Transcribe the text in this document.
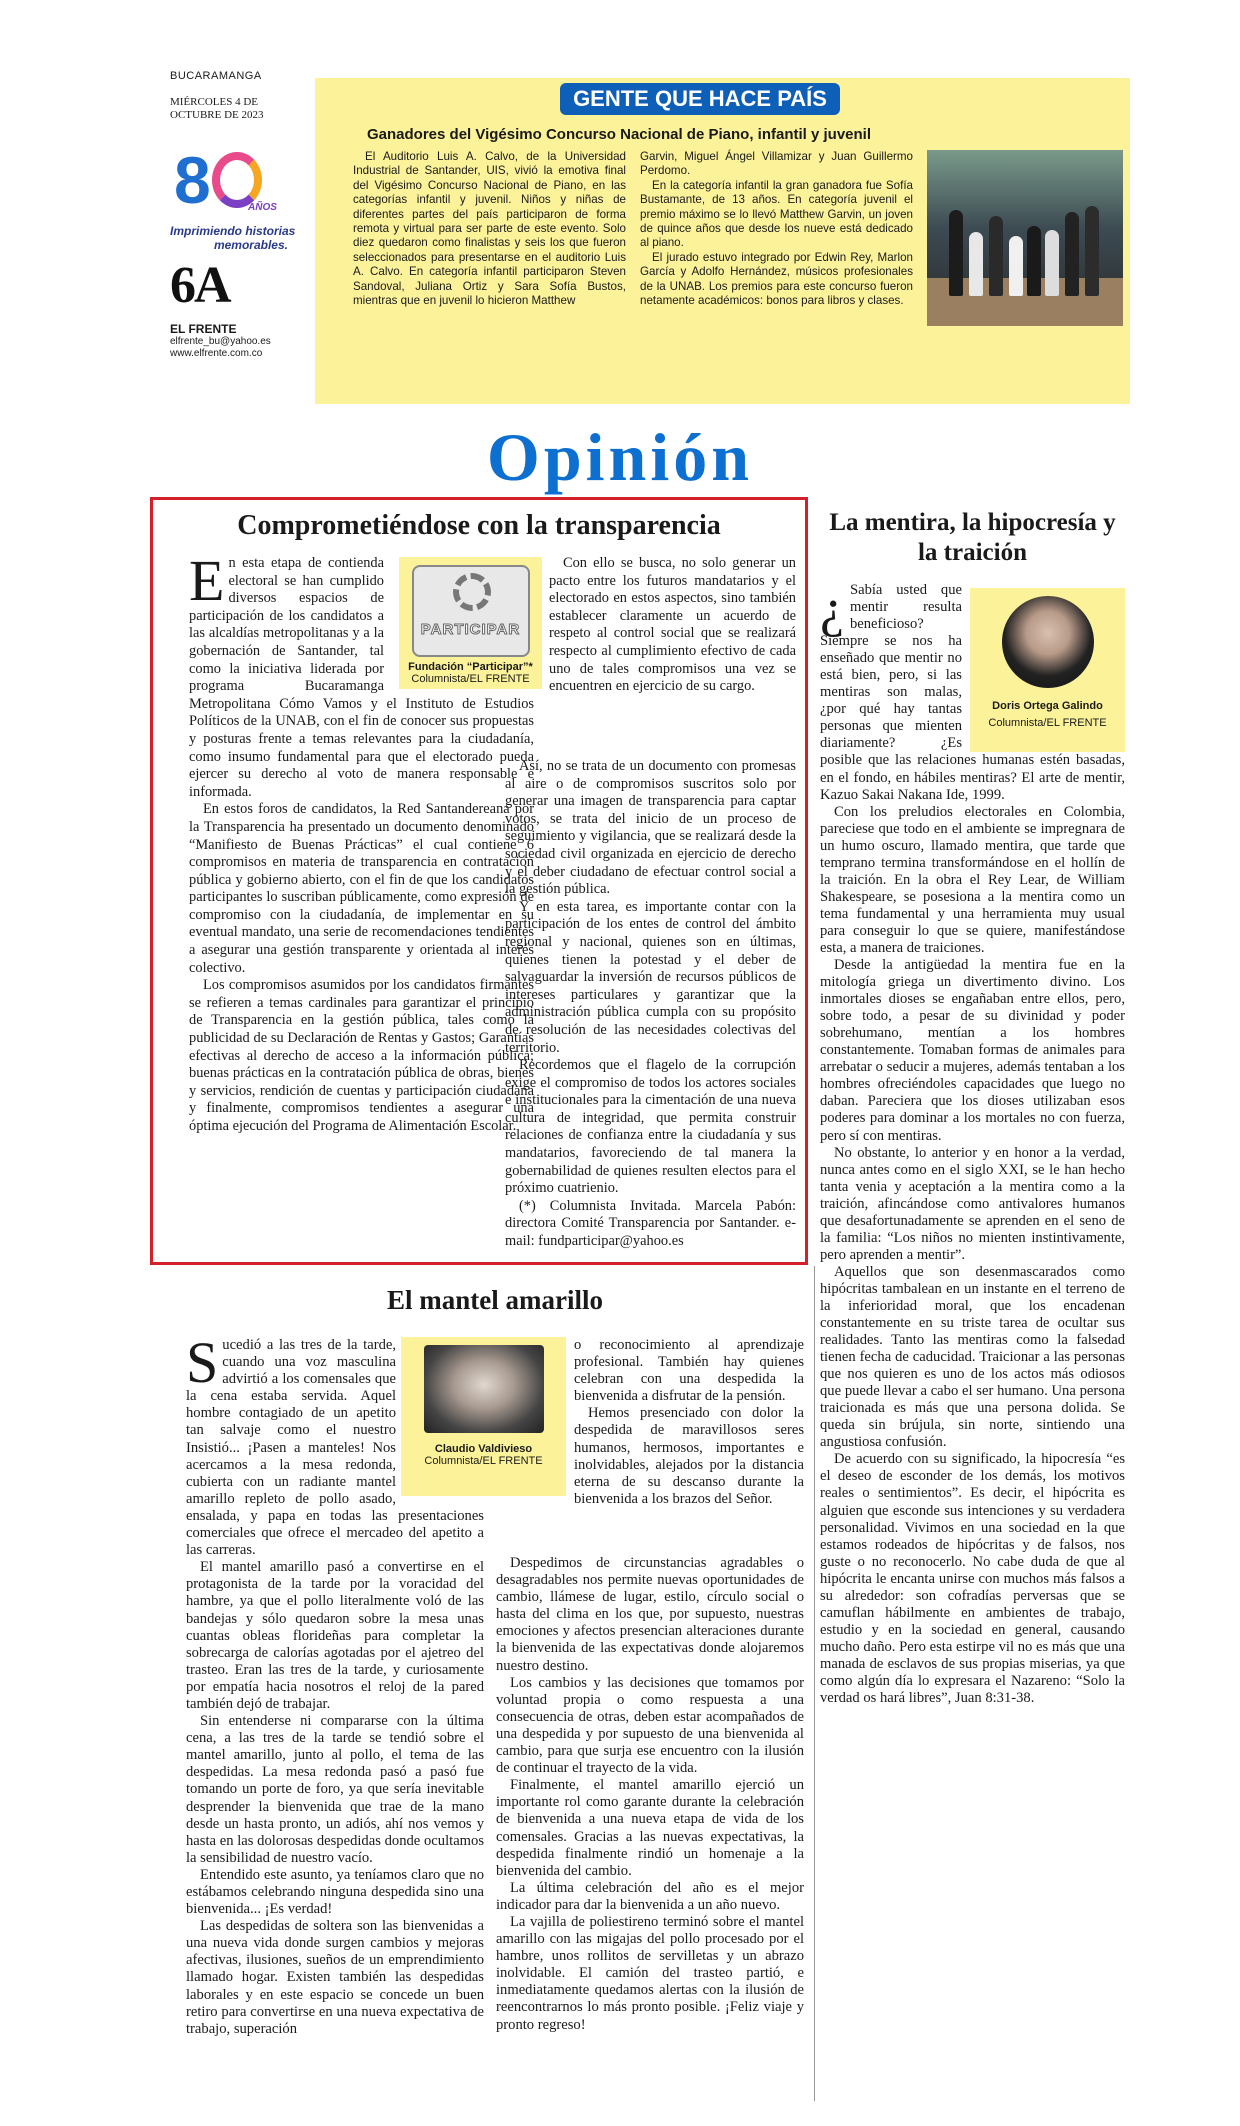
BUCARAMANGA
MIÉRCOLES 4 DE OCTUBRE DE 2023
8	AÑOS
Imprimiendo historias
memorables.
6A
EL FRENTE
elfrente_bu@yahoo.es
www.elfrente.com.co
GENTE QUE HACE PAÍS
Ganadores del Vigésimo Concurso Nacional de Piano, infantil y juvenil

El Auditorio Luis A. Calvo, de la Universidad Industrial de Santander, UIS, vivió la emotiva final del Vigésimo Concurso Nacional de Piano, en las categorías infantil y juvenil. Niños y niñas de diferentes partes del país participaron de forma remota y virtual para ser parte de este evento. Solo diez quedaron como finalistas y seis los que fueron seleccionados para presentarse en el auditorio Luis A. Calvo. En categoría infantil participaron Steven Sandoval, Juliana Ortiz y Sara Sofía Bustos, mientras que en juvenil lo hicieron Matthew

Garvin, Miguel Ángel Villamizar y Juan Guillermo Perdomo.

En la categoría infantil la gran ganadora fue Sofía Bustamante, de 13 años. En categoría juvenil el premio máximo se lo llevó Matthew Garvin, un joven de quince años que desde los nueve está dedicado al piano.

El jurado estuvo integrado por Edwin Rey, Marlon García y Adolfo Hernández, músicos profesionales de la UNAB. Los premios para este concurso fueron netamente académicos: bonos para libros y clases.

Opinión
Comprometiéndose con la transparencia

En esta etapa de contienda electoral se han cumplido diversos espacios de participación de los candidatos a las alcaldías metropolitanas y a la gobernación de Santander, tal como la iniciativa liderada por programa Bucaramanga Metropolitana Cómo Vamos y el Instituto de Estudios Políticos de la UNAB, con el fin de conocer sus propuestas y posturas frente a temas relevantes para la ciudadanía, como insumo fundamental para que el electorado pueda ejercer su derecho al voto de manera responsable e informada.

En estos foros de candidatos, la Red Santandereana por la Transparencia ha presentado un documento denominado “Manifiesto de Buenas Prácticas” el cual contiene 6 compromisos en materia de transparencia en contratación pública y gobierno abierto, con el fin de que los candidatos participantes lo suscriban públicamente, como expresión de compromiso con la ciudadanía, de implementar en su eventual mandato, una serie de recomendaciones tendientes a asegurar una gestión transparente y orientada al interés colectivo.

Los compromisos asumidos por los candidatos firmantes se refieren a temas cardinales para garantizar el principio de Transparencia en la gestión pública, tales como la publicidad de su Declaración de Rentas y Gastos; Garantías efectivas al derecho de acceso a la información pública; buenas prácticas en la contratación pública de obras, bienes y servicios, rendición de cuentas y participación ciudadana y finalmente, compromisos tendientes a asegurar una óptima ejecución del Programa de Alimentación Escolar.

PARTICIPAR
Fundación “Participar”*
Columnista/EL FRENTE

Con ello se busca, no solo generar un pacto entre los futuros mandatarios y el electorado en estos aspectos, sino también establecer claramente un acuerdo de respeto al control social que se realizará respecto al cumplimiento efectivo de cada uno de tales compromisos una vez se encuentren en ejercicio de su cargo.

Así, no se trata de un documento con promesas al aire o de compromisos suscritos solo por generar una imagen de transparencia para captar votos, se trata del inicio de un proceso de seguimiento y vigilancia, que se realizará desde la sociedad civil organizada en ejercicio de derecho y el deber ciudadano de efectuar control social a la gestión pública.

Y en esta tarea, es importante contar con la participación de los entes de control del ámbito regional y nacional, quienes son en últimas, quienes tienen la potestad y el deber de salvaguardar la inversión de recursos públicos de intereses particulares y garantizar que la administración pública cumpla con su propósito de resolución de las necesidades colectivas del territorio.

Recordemos que el flagelo de la corrupción exige el compromiso de todos los actores sociales e institucionales para la cimentación de una nueva cultura de integridad, que permita construir relaciones de confianza entre la ciudadanía y sus mandatarios, favoreciendo de tal manera la gobernabilidad de quienes resulten electos para el próximo cuatrienio.

(*) Columnista Invitada. Marcela Pabón: directora Comité Transparencia por Santander. e-mail: fundparticipar@yahoo.es

La mentira, la hipocresía y la traición
Doris Ortega Galindo
Columnista/EL FRENTE

¿ Sabía usted que mentir resulta beneficioso? Siempre se nos ha enseñado que mentir no está bien, pero, si las mentiras son malas, ¿por qué hay tantas personas que mienten diariamente? ¿Es posible que las relaciones humanas estén basadas, en el fondo, en hábiles mentiras? El arte de mentir, Kazuo Sakai Nakana Ide, 1999.

Con los preludios electorales en Colombia, pareciese que todo en el ambiente se impregnara de un humo oscuro, llamado mentira, que tarde que temprano termina transformándose en el hollín de la traición. En la obra el Rey Lear, de William Shakespeare, se posesiona a la mentira como un tema fundamental y una herramienta muy usual para conseguir lo que se quiere, manifestándose esta, a manera de traiciones.

Desde la antigüedad la mentira fue en la mitología griega un divertimento divino. Los inmortales dioses se engañaban entre ellos, pero, sobre todo, a pesar de su divinidad y poder sobrehumano, mentían a los hombres constantemente. Tomaban formas de animales para arrebatar o seducir a mujeres, además tentaban a los hombres ofreciéndoles capacidades que luego no daban. Pareciera que los dioses utilizaban esos poderes para dominar a los mortales no con fuerza, pero sí con mentiras.

No obstante, lo anterior y en honor a la verdad, nunca antes como en el siglo XXI, se le han hecho tanta venia y aceptación a la mentira como a la traición, afincándose como antivalores humanos que desafortunadamente se aprenden en el seno de la familia: “Los niños no mienten instintivamente, pero aprenden a mentir”.

Aquellos que son desenmascarados como hipócritas tambalean en un instante en el terreno de la inferioridad moral, que los encadenan constantemente en su triste tarea de ocultar sus realidades. Tanto las mentiras como la falsedad tienen fecha de caducidad. Traicionar a las personas que nos quieren es uno de los actos más odiosos que puede llevar a cabo el ser humano. Una persona traicionada es más que una persona dolida. Se queda sin brújula, sin norte, sintiendo una angustiosa confusión.

De acuerdo con su significado, la hipocresía “es el deseo de esconder de los demás, los motivos reales o sentimientos”. Es decir, el hipócrita es alguien que esconde sus intenciones y su verdadera personalidad. Vivimos en una sociedad en la que estamos rodeados de hipócritas y de falsos, nos guste o no reconocerlo. No cabe duda de que al hipócrita le encanta unirse con muchos más falsos a su alrededor: son cofradías perversas que se camuflan hábilmente en ambientes de trabajo, estudio y en la sociedad en general, causando mucho daño. Pero esta estirpe vil no es más que una manada de esclavos de sus propias miserias, ya que como algún día lo expresara el Nazareno: “Solo la verdad os hará libres”, Juan 8:31-38.

El mantel amarillo

Sucedió a las tres de la tarde, cuando una voz masculina advirtió a los comensales que la cena estaba servida. Aquel hombre contagiado de un apetito tan salvaje como el nuestro Insistió... ¡Pasen a manteles! Nos acercamos a la mesa redonda, cubierta con un radiante mantel amarillo repleto de pollo asado, ensalada, y papa en todas las presentaciones comerciales que ofrece el mercadeo del apetito a las carreras.

El mantel amarillo pasó a convertirse en el protagonista de la tarde por la voracidad del hambre, ya que el pollo literalmente voló de las bandejas y sólo quedaron sobre la mesa unas cuantas obleas florideñas para completar la sobrecarga de calorías agotadas por el ajetreo del trasteo. Eran las tres de la tarde, y curiosamente por empatía hacia nosotros el reloj de la pared también dejó de trabajar.

Sin entenderse ni compararse con la última cena, a las tres de la tarde se tendió sobre el mantel amarillo, junto al pollo, el tema de las despedidas. La mesa redonda pasó a pasó fue tomando un porte de foro, ya que sería inevitable desprender la bienvenida que trae de la mano desde un hasta pronto, un adiós, ahí nos vemos y hasta en las dolorosas despedidas donde ocultamos la sensibilidad de nuestro vacío.

Entendido este asunto, ya teníamos claro que no estábamos celebrando ninguna despedida sino una bienvenida... ¡Es verdad!

Las despedidas de soltera son las bienvenidas a una nueva vida donde surgen cambios y mejoras afectivas, ilusiones, sueños de un emprendimiento llamado hogar. Existen también las despedidas laborales y en este espacio se concede un buen retiro para convertirse en una nueva expectativa de trabajo, superación

Claudio Valdivieso
Columnista/EL FRENTE

o reconocimiento al aprendizaje profesional. También hay quienes celebran con una despedida la bienvenida a disfrutar de la pensión.

Hemos presenciado con dolor la despedida de maravillosos seres humanos, hermosos, importantes e inolvidables, alejados por la distancia eterna de su descanso durante la bienvenida a los brazos del Señor.

Despedimos de circunstancias agradables o desagradables nos permite nuevas oportunidades de cambio, llámese de lugar, estilo, círculo social o hasta del clima en los que, por supuesto, nuestras emociones y afectos presencian alteraciones durante la bienvenida de las expectativas donde alojaremos nuestro destino.

Los cambios y las decisiones que tomamos por voluntad propia o como respuesta a una consecuencia de otras, deben estar acompañados de una despedida y por supuesto de una bienvenida al cambio, para que surja ese encuentro con la ilusión de continuar el trayecto de la vida.

Finalmente, el mantel amarillo ejerció un importante rol como garante durante la celebración de bienvenida a una nueva etapa de vida de los comensales. Gracias a las nuevas expectativas, la despedida finalmente rindió un homenaje a la bienvenida del cambio.

La última celebración del año es el mejor indicador para dar la bienvenida a un año nuevo.

La vajilla de poliestireno terminó sobre el mantel amarillo con las migajas del pollo procesado por el hambre, unos rollitos de servilletas y un abrazo inolvidable. El camión del trasteo partió, e inmediatamente quedamos alertas con la ilusión de reencontrarnos lo más pronto posible. ¡Feliz viaje y pronto regreso!
